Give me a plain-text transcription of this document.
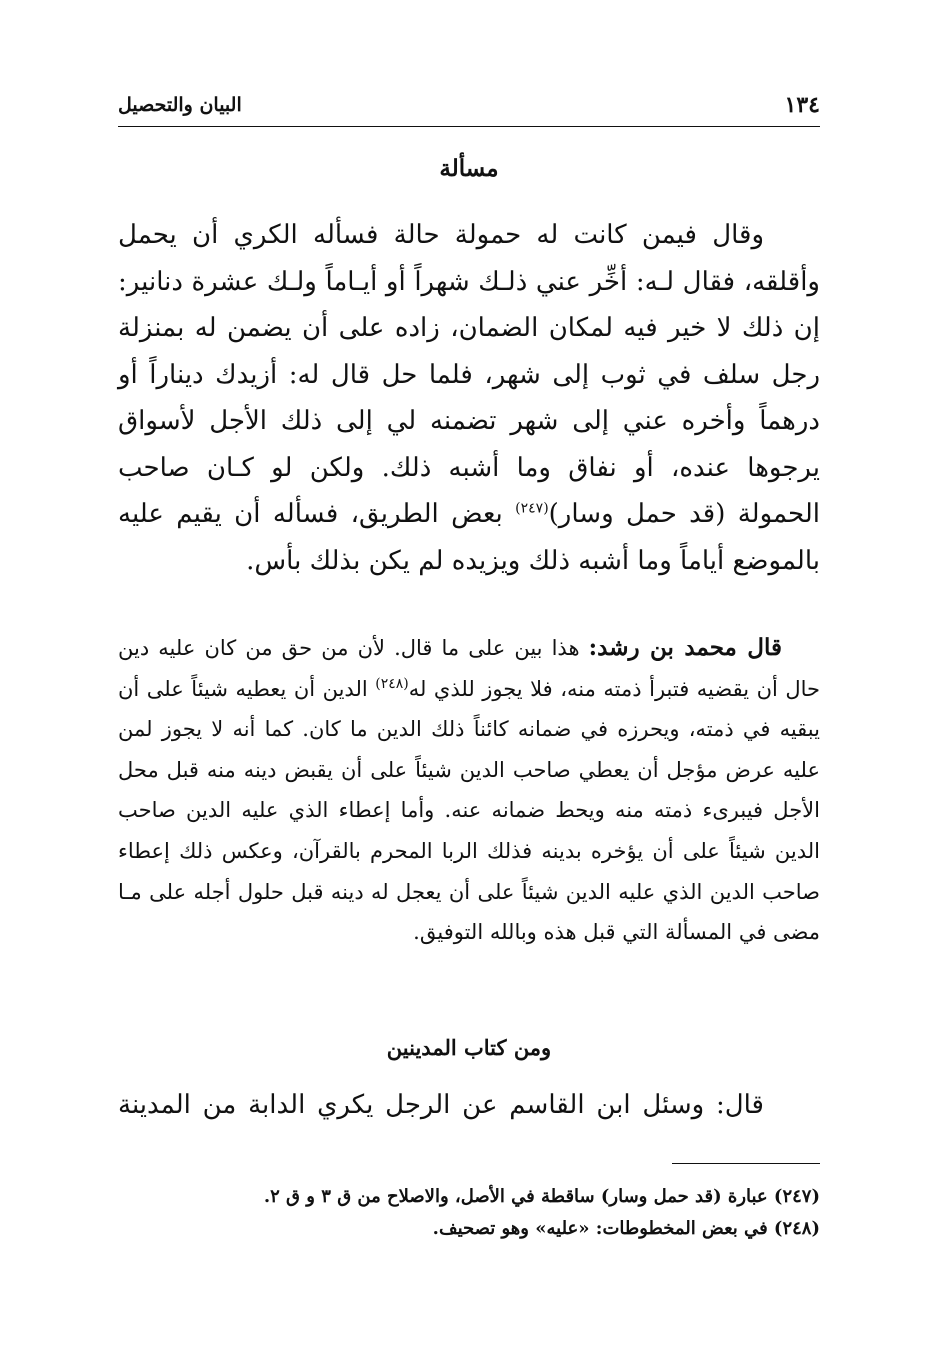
١٣٤
البيان والتحصيل
مسألة

وقال فيمن كانت له حمولة حالة فسأله الكري أن يحمل وأقلقه، فقال لـه: أخِّر عني ذلـك شهراً أو أيـاماً ولـك عشرة دنانير: إن ذلك لا خير فيه لمكان الضمان، زاده على أن يضمن له بمنزلة رجل سلف في ثوب إلى شهر، فلما حل قال له: أزيدك ديناراً أو درهماً وأخره عني إلى شهر تضمنه لي إلى ذلك الأجل لأسواق يرجوها عنده، أو نفاق وما أشبه ذلك. ولكن لو كـان صاحب الحمولة (قد حمل وسار)$^{(٢٤٧)}$ بعض الطريق، فسأله أن يقيم عليه بالموضع أياماً وما أشبه ذلك ويزيده لم يكن بذلك بأس.

قال محمد بن رشد: هذا بين على ما قال. لأن من حق من كان عليه دين حال أن يقضيه فتبرأ ذمته منه، فلا يجوز للذي له$^{(٢٤٨)}$ الدين أن يعطيه شيئاً على أن يبقيه في ذمته، ويحرزه في ضمانه كائناً ذلك الدين ما كان. كما أنه لا يجوز لمن عليه عرض مؤجل أن يعطي صاحب الدين شيئاً على أن يقبض دينه منه قبل محل الأجل فيبرىء ذمته منه ويحط ضمانه عنه. وأما إعطاء الذي عليه الدين صاحب الدين شيئاً على أن يؤخره بدينه فذلك الربا المحرم بالقرآن، وعكس ذلك إعطاء صاحب الدين الذي عليه الدين شيئاً على أن يعجل له دينه قبل حلول أجله على مـا مضى في المسألة التي قبل هذه وبالله التوفيق.

ومن كتاب المدينين

قال: وسئل ابن القاسم عن الرجل يكري الدابة من المدينة

(٢٤٧) عبارة (قد حمل وسار) ساقطة في الأصل، والاصلاح من ق ٣ و ق ٢.
(٢٤٨) في بعض المخطوطات: «عليه» وهو تصحيف.
